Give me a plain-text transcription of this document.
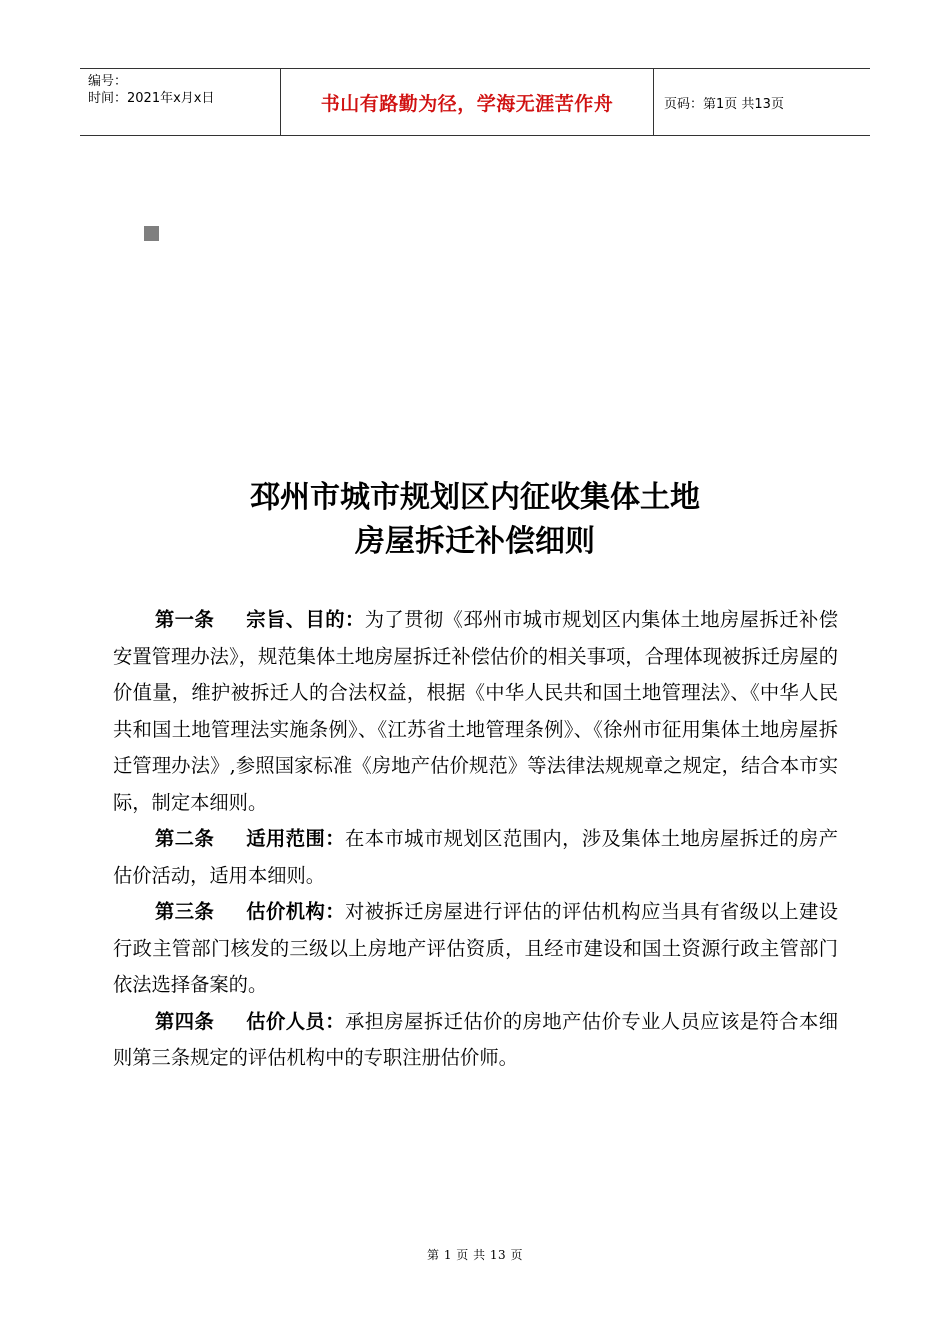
编号：
时间：2021年x月x日	书山有路勤为径，学海无涯苦作舟	页码：第1页 共13页
邳州市城市规划区内征收集体土地
房屋拆迁补偿细则

第一条 宗旨、目的：为了贯彻《邳州市城市规划区内集体土地房屋拆迁补偿安置管理办法》，规范集体土地房屋拆迁补偿估价的相关事项，合理体现被拆迁房屋的价值量，维护被拆迁人的合法权益，根据《中华人民共和国土地管理法》、《中华人民共和国土地管理法实施条例》、《江苏省土地管理条例》、《徐州市征用集体土地房屋拆迁管理办法》,参照国家标准《房地产估价规范》等法律法规规章之规定，结合本市实际，制定本细则。

第二条 适用范围：在本市城市规划区范围内，涉及集体土地房屋拆迁的房产估价活动，适用本细则。

第三条 估价机构：对被拆迁房屋进行评估的评估机构应当具有省级以上建设行政主管部门核发的三级以上房地产评估资质，且经市建设和国土资源行政主管部门依法选择备案的。

第四条 估价人员：承担房屋拆迁估价的房地产估价专业人员应该是符合本细则第三条规定的评估机构中的专职注册估价师。

第 1 页 共 13 页
